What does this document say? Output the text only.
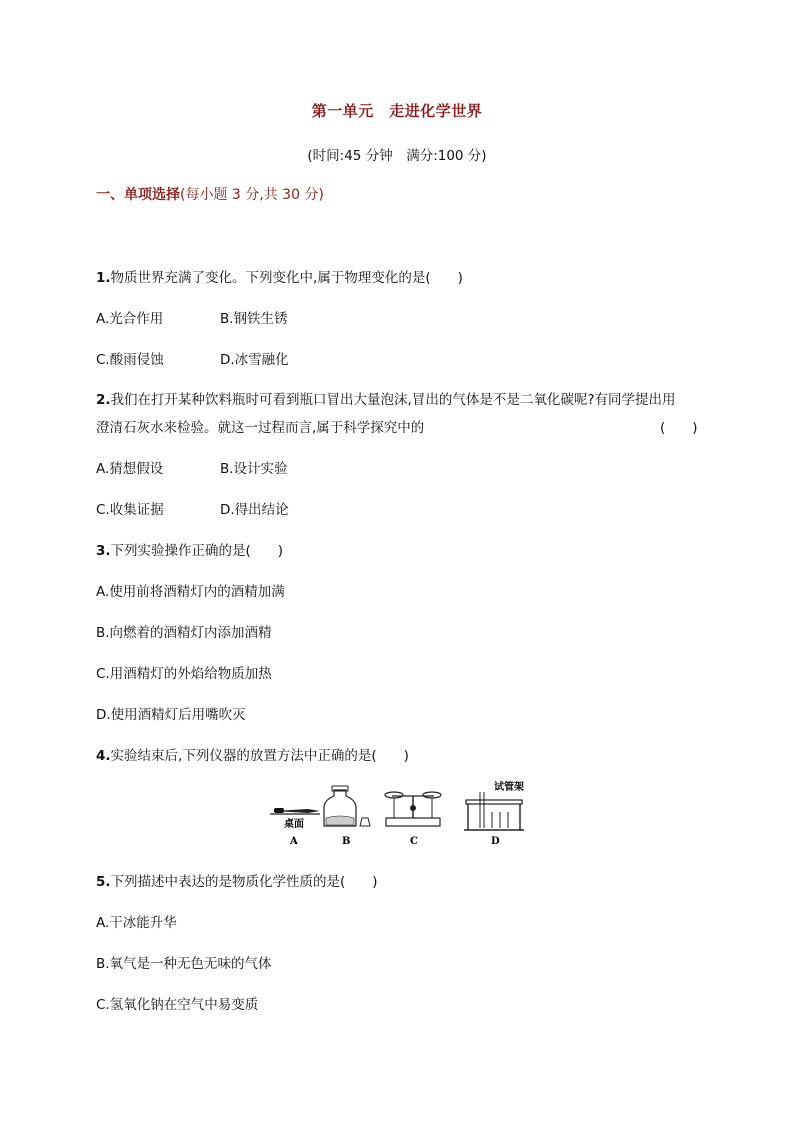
第一单元　走进化学世界
(时间:45 分钟　满分:100 分)
一、单项选择(每小题 3 分,共 30 分)
1.物质世界充满了变化。下列变化中,属于物理变化的是(　　)
A.光合作用	B.钢铁生锈
C.酸雨侵蚀	D.冰雪融化
2.我们在打开某种饮料瓶时可看到瓶口冒出大量泡沫,冒出的气体是不是二氧化碳呢?有同学提出用
澄清石灰水来检验。就这一过程而言,属于科学探究中的	(　　)
A.猜想假设	B.设计实验
C.收集证据	D.得出结论
3.下列实验操作正确的是(　　)
A.使用前将酒精灯内的酒精加满
B.向燃着的酒精灯内添加酒精
C.用酒精灯的外焰给物质加热
D.使用酒精灯后用嘴吹灭
4.实验结束后,下列仪器的放置方法中正确的是(　　)
桌面
试管架
A	B	C	D
5.下列描述中表达的是物质化学性质的是(　　)
A.干冰能升华
B.氧气是一种无色无味的气体
C.氢氧化钠在空气中易变质
